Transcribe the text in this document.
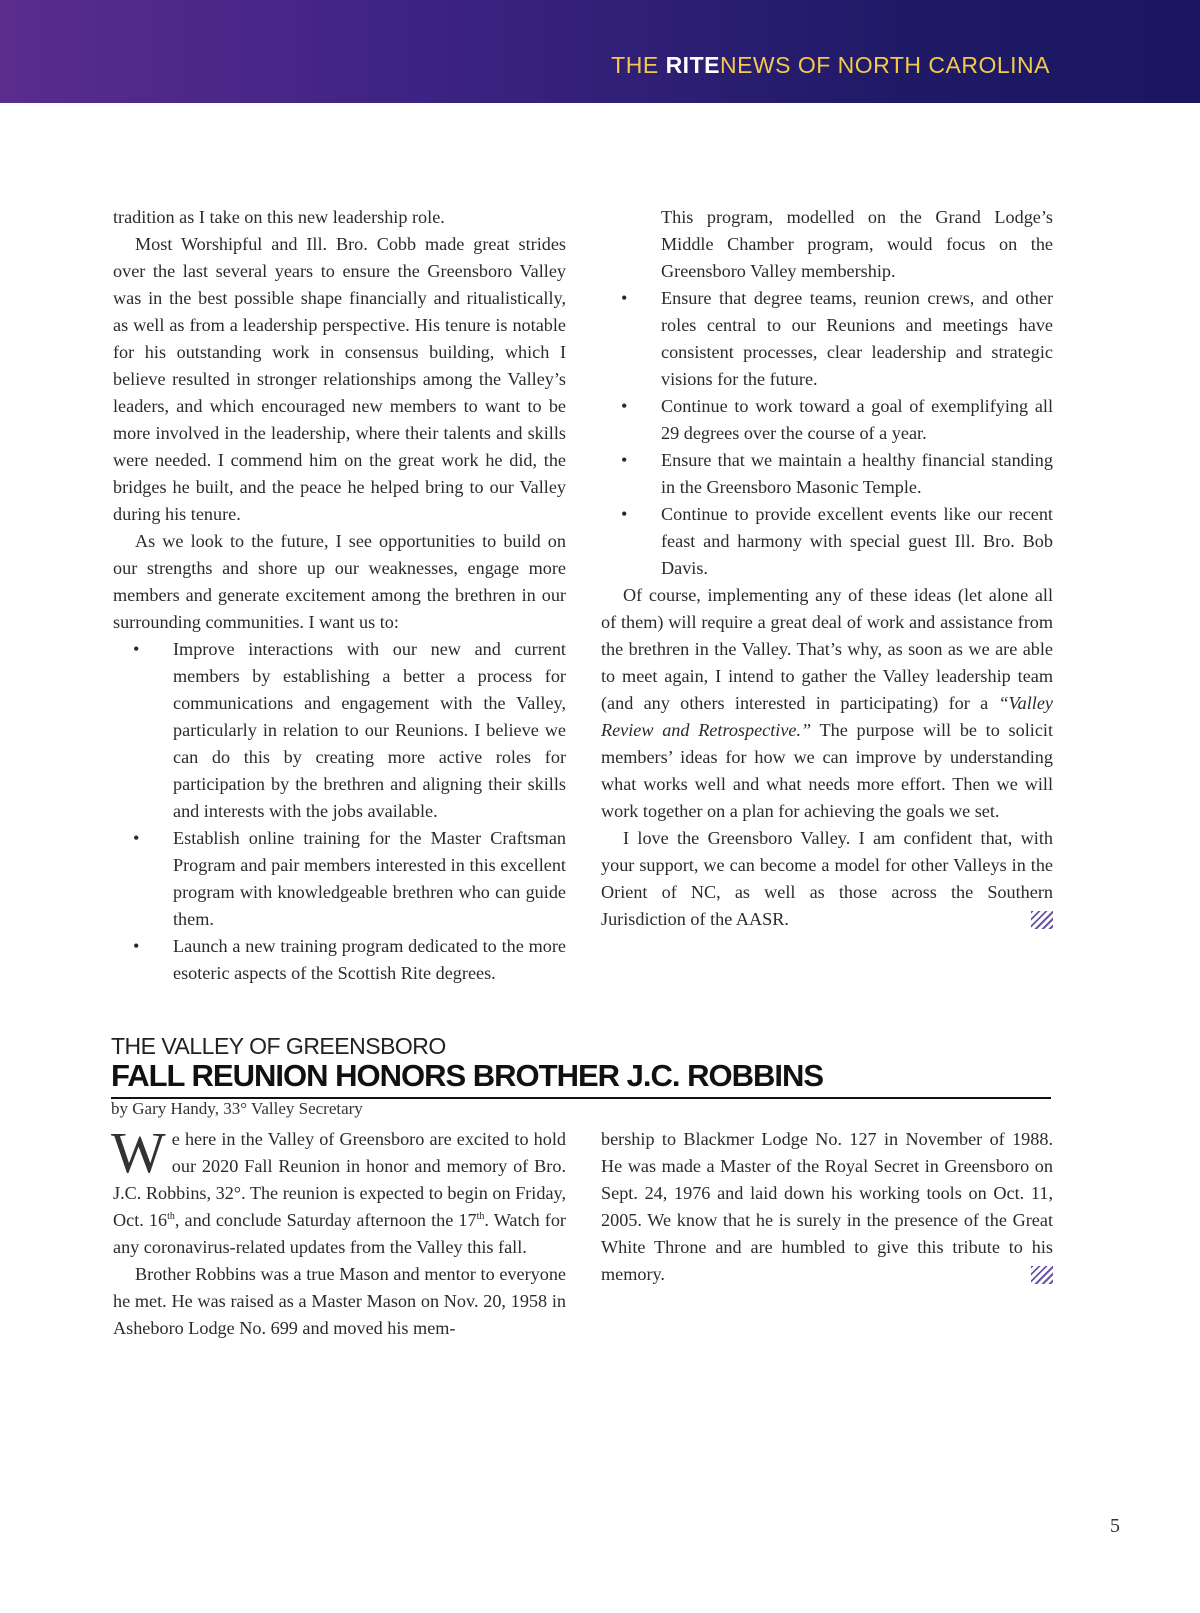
THE RITENEWS OF NORTH CAROLINA

tradition as I take on this new leadership role.

Most Worshipful and Ill. Bro. Cobb made great strides over the last several years to ensure the Greensboro Valley was in the best possible shape financially and ritualistically, as well as from a leadership perspective. His tenure is notable for his outstanding work in consensus building, which I believe resulted in stronger relationships among the Valley’s leaders, and which encouraged new members to want to be more involved in the leadership, where their talents and skills were needed. I commend him on the great work he did, the bridges he built, and the peace he helped bring to our Valley during his tenure.

As we look to the future, I see opportunities to build on our strengths and shore up our weaknesses, engage more members and generate excitement among the brethren in our surrounding communities. I want us to:

• Improve interactions with our new and current members by establishing a better a process for communications and engagement with the Valley, particularly in relation to our Reunions. I believe we can do this by creating more active roles for participation by the brethren and aligning their skills and interests with the jobs available.
• Establish online training for the Master Craftsman Program and pair members interested in this excellent program with knowledgeable brethren who can guide them.
• Launch a new training program dedicated to the more esoteric aspects of the Scottish Rite degrees.

This program, modelled on the Grand Lodge’s Middle Chamber program, would focus on the Greensboro Valley membership.

• Ensure that degree teams, reunion crews, and other roles central to our Reunions and meetings have consistent processes, clear leadership and strategic visions for the future.
• Continue to work toward a goal of exemplifying all 29 degrees over the course of a year.
• Ensure that we maintain a healthy financial standing in the Greensboro Masonic Temple.
• Continue to provide excellent events like our recent feast and harmony with special guest Ill. Bro. Bob Davis.

Of course, implementing any of these ideas (let alone all of them) will require a great deal of work and assistance from the brethren in the Valley. That’s why, as soon as we are able to meet again, I intend to gather the Valley leadership team (and any others interested in participating) for a “Valley Review and Retrospective.” The purpose will be to solicit members’ ideas for how we can improve by understanding what works well and what needs more effort. Then we will work together on a plan for achieving the goals we set.

I love the Greensboro Valley. I am confident that, with your support, we can become a model for other Valleys in the Orient of NC, as well as those across the Southern Jurisdiction of the AASR.

THE VALLEY OF GREENSBORO
FALL REUNION HONORS BROTHER J.C. ROBBINS
by Gary Handy, 33° Valley Secretary

We here in the Valley of Greensboro are excited to hold our 2020 Fall Reunion in honor and memory of Bro. J.C. Robbins, 32°. The reunion is expected to begin on Friday, Oct. 16th, and conclude Saturday afternoon the 17th. Watch for any coronavirus-related updates from the Valley this fall.

Brother Robbins was a true Mason and mentor to everyone he met. He was raised as a Master Mason on Nov. 20, 1958 in Asheboro Lodge No. 699 and moved his mem-

bership to Blackmer Lodge No. 127 in November of 1988. He was made a Master of the Royal Secret in Greensboro on Sept. 24, 1976 and laid down his working tools on Oct. 11, 2005. We know that he is surely in the presence of the Great White Throne and are humbled to give this tribute to his memory.

5
